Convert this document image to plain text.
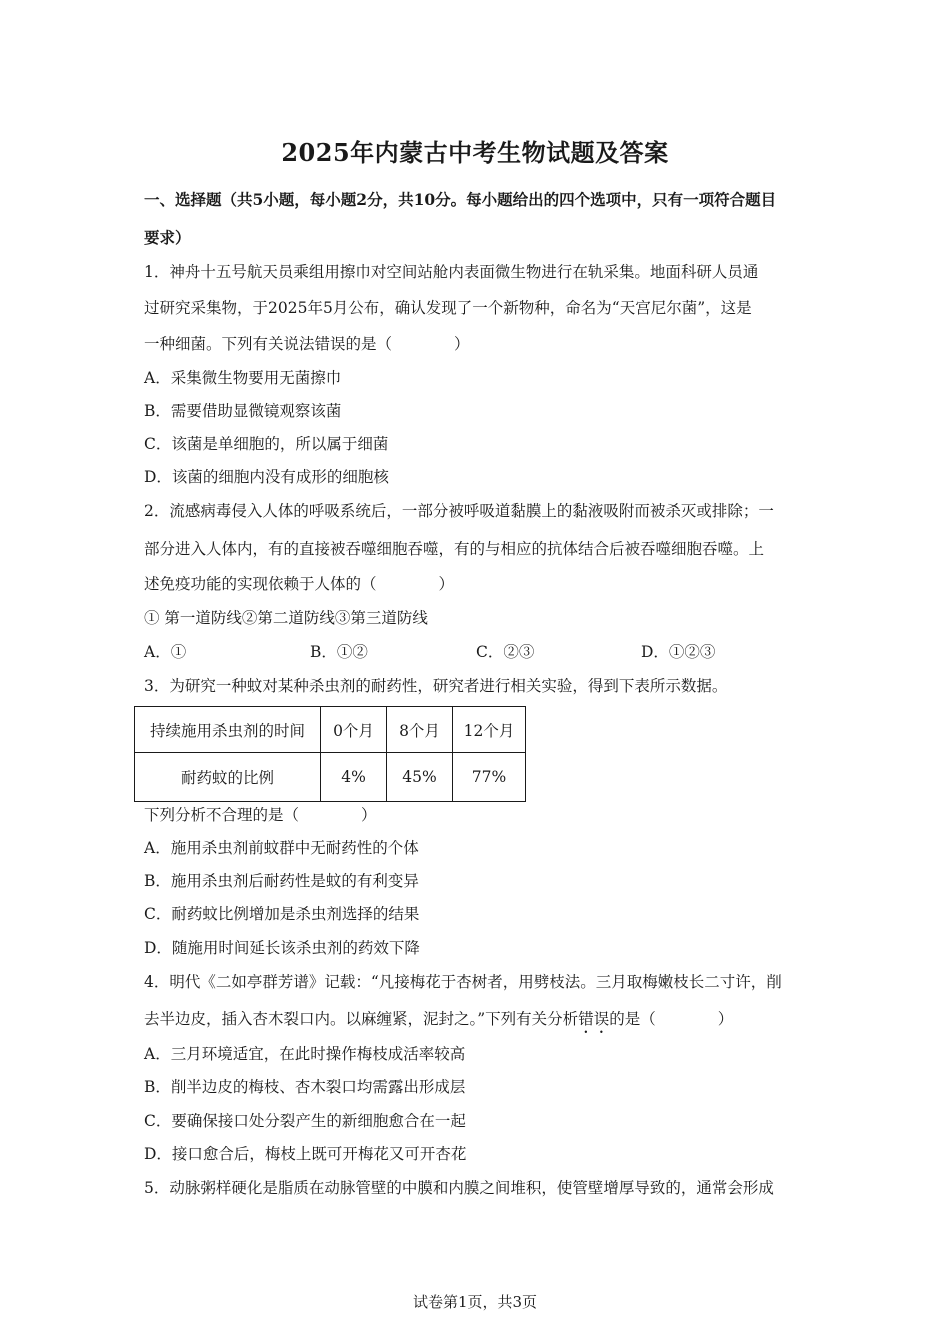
2025年内蒙古中考生物试题及答案
一、选择题（共5小题，每小题2分，共10分。每小题给出的四个选项中，只有一项符合题目
要求）
1．神舟十五号航天员乘组用擦巾对空间站舱内表面微生物进行在轨采集。地面科研人员通
过研究采集物，于2025年5月公布，确认发现了一个新物种，命名为“天宫尼尔菌”，这是
一种细菌。下列有关说法错误的是（　　　　）
A．采集微生物要用无菌擦巾
B．需要借助显微镜观察该菌
C．该菌是单细胞的，所以属于细菌
D．该菌的细胞内没有成形的细胞核
2．流感病毒侵入人体的呼吸系统后，一部分被呼吸道黏膜上的黏液吸附而被杀灭或排除；一
部分进入人体内，有的直接被吞噬细胞吞噬，有的与相应的抗体结合后被吞噬细胞吞噬。上
述免疫功能的实现依赖于人体的（　　　　）
① 第一道防线②第二道防线③第三道防线
A．①	B．①②	C．②③	D．①②③
3．为研究一种蚊对某种杀虫剂的耐药性，研究者进行相关实验，得到下表所示数据。
持续施用杀虫剂的时间	0个月	8个月	12个月
耐药蚊的比例	4%	45%	77%
下列分析不合理的是（　　　　）
A．施用杀虫剂前蚊群中无耐药性的个体
B．施用杀虫剂后耐药性是蚊的有利变异
C．耐药蚊比例增加是杀虫剂选择的结果
D．随施用时间延长该杀虫剂的药效下降
4．明代《二如亭群芳谱》记载：“凡接梅花于杏树者，用劈枝法。三月取梅嫩枝长二寸许，削
去半边皮，插入杏木裂口内。以麻缠紧，泥封之。”下列有关分析错误的是（　　　　）
A．三月环境适宜，在此时操作梅枝成活率较高
B．削半边皮的梅枝、杏木裂口均需露出形成层
C．要确保接口处分裂产生的新细胞愈合在一起
D．接口愈合后，梅枝上既可开梅花又可开杏花
5．动脉粥样硬化是脂质在动脉管壁的中膜和内膜之间堆积，使管壁增厚导致的，通常会形成
试卷第1页，共3页
